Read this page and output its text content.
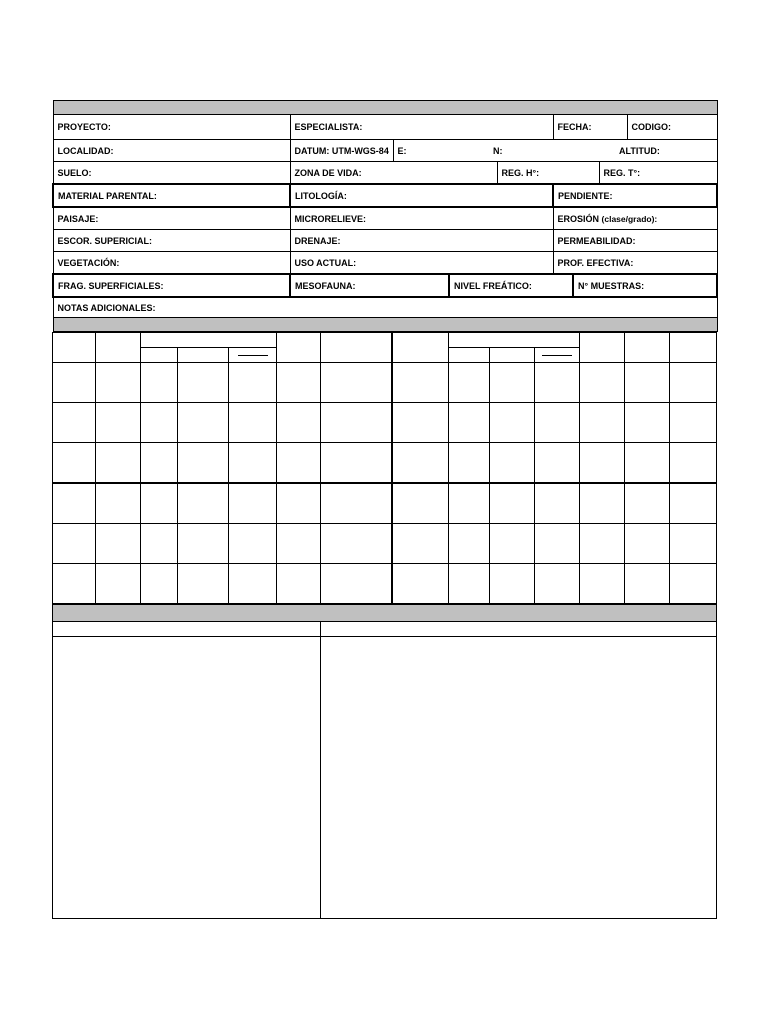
PROYECTO:	ESPECIALISTA:					FECHA:			CODIGO:
LOCALIDAD:	DATUM: UTM-WGS-84	E:		N:		ALTITUD:			
SUELO:	ZONA DE VIDA:				REG. H°:			REG. T°:	
MATERIAL PARENTAL:	LITOLOGÍA:					PENDIENTE:			
PAISAJE:	MICRORELIEVE:					EROSIÓN (clase/grado):			
ESCOR. SUPERICIAL:	DRENAJE:					PERMEABILIDAD:			
VEGETACIÓN:	USO ACTUAL:					PROF. EFECTIVA:			
FRAG. SUPERFICIALES:	MESOFAUNA:		NIVEL FREÁTICO:				N° MUESTRAS:		
NOTAS ADICIONALES:									
